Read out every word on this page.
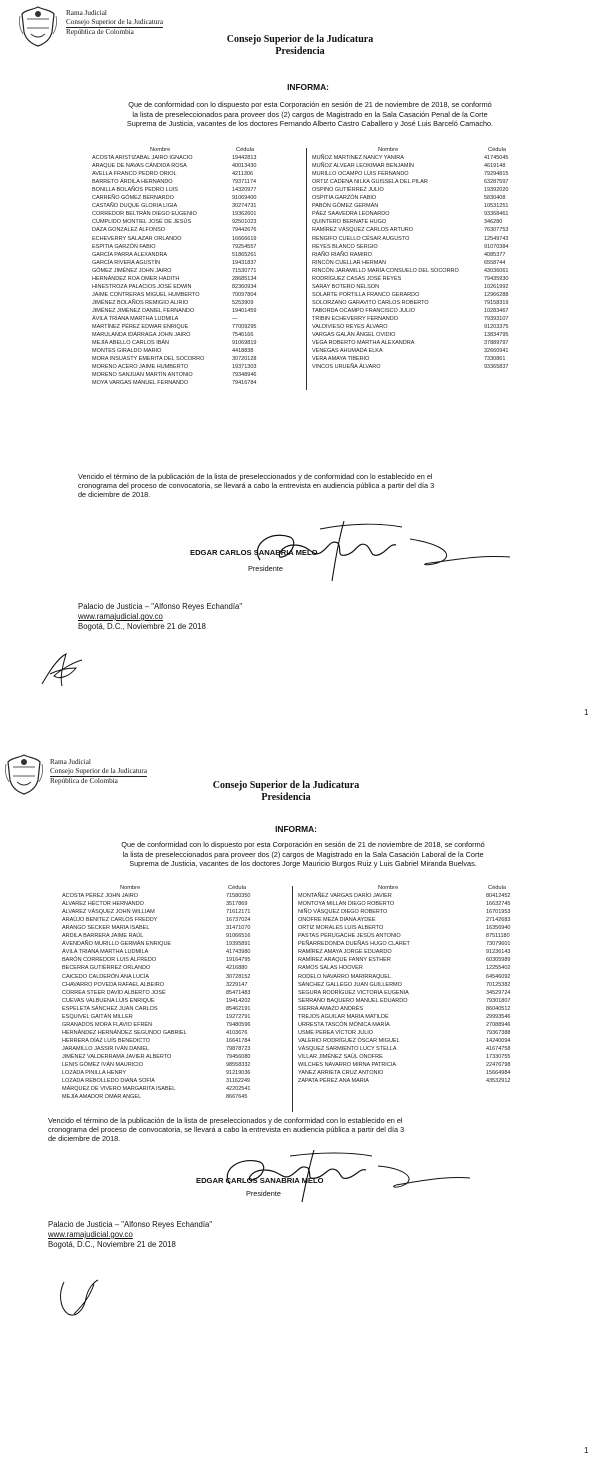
Rama Judicial

Consejo Superior de la Judicatura
República de Colombia
Consejo Superior de la Judicatura
Presidencia
INFORMA:
Que de conformidad con lo dispuesto por esta Corporación en sesión de 21 de noviembre de 2018, se conformó
la lista de preseleccionados para proveer dos (2) cargos de Magistrado en la Sala Casación Penal de la Corte
Suprema de Justicia, vacantes de los doctores Fernando Alberto Castro Caballero y José Luis Barceló Camacho.
Nombre	Cédula
ACOSTA ARISTIZABAL JAIRO IGNACIO	19442813
ARAQUE DE NAVAS CÁNDIDA ROSA	40013430
AVELLA FRANCO PEDRO ORIOL	4211306
BARRETO ÁRDILA HERNANDO	79371174
BONILLA BOLAÑOS PEDRO LUIS	14320977
CARREÑO GÓMEZ BERNARDO	91069400
CASTAÑO DUQUE GLORIA LIGIA	30274731
CORREDOR BELTRÁN DIEGO EUGENIO	19362601
CUMPLIDO MONTIEL JOSÉ DE JESÚS	92501023
DAZA GONZALEZ ALFONSO	79442676
ECHEVERRY SALAZAR ORLANDO	16666619
ESPITIA GARZÓN FABIO	79254557
GARCÍA PARRA ALEXANDRA	51865261
GARCÍA RIVERA AGUSTÍN	19431837
GÓMEZ JIMÉNEZ JOHN JAIRO	71530771
HERNÁNDEZ ROA OMER HADITH	28685134
HINESTROZA PALACIOS JOSÉ EDWIN	82360934
JAIME CONTRERAS MIGUEL HUMBERTO	70097804
JIMÉNEZ BOLAÑOS REMIGIO ALIRIO	5253909
JIMÉNEZ JIMÉNEZ DANIEL FERNANDO	19401459
ÁVILA TRIANA MARTHA LUDMILA	—
MARTÍNEZ PÉREZ EDWAR ENRIQUE	77009295
MARULANDA IDÁRRAGA JOHN JAIRO	7546166
MEJÍA ABELLO CARLOS IBÁN	91069819
MONTES GIRALDO MARIO	4418838
MORA INSUASTY EMERITA DEL SOCORRO	30720128
MORENO ACERO JAIME HUMBERTO	19371303
MORENO SANJUAN MARTÍN ANTONIO	79348946
MOYA VARGAS MANUEL FERNANDO	79416784
Nombre	Cédula
MUÑOZ MARTINEZ NANCY YANIRA	41745045
MUÑOZ ALVEAR LEOKIMAR BENJAMÍN	4619148
MURILLO OCAMPO LUIS FERNANDO	79294815
ORTIZ CADENA NILKA GUISSELA DEL PILAR	63287597
OSPINO GUTIÉRREZ JULIO	19392020
OSPITIA GARZÓN FABIO	5830408
PABÓN GÓMEZ GERMÁN	10531251
PÁEZ SAAVEDRA LEONARDO	93368461
QUINTERO BERNATE HUGO	346280
RAMÍREZ VÁSQUEZ CARLOS ARTURO	76307753
RENGIFO CUELLO CÉSAR AUGUSTO	12549743
REYES BLANCO SERGIO	91070384
RIAÑO RIAÑO RAMIRO	4085377
RINCÓN CUELLAR HERMAN	6558744
RINCÓN JARAMILLO MARÍA CONSUELO DEL SOCORRO	43036061
RODRÍGUEZ CASAS JOSÉ REYES	79435930
SARAY BOTERO NÉLSON	10261992
SOLARTE PORTILLA FRANCO GERARDO	12966288
SOLORZANO GARAVITO CARLOS ROBERTO	79158319
TABORDA OCAMPO FRANCISCO JULIO	10283467
TRIBIN ECHEVERRY FERNANDO	79393107
VALDIVIESO REYES ÁLVARO	91203375
VARGAS GALÁN ÁNGEL OVIDIO	13834795
VEGA ROBERTO MARTHA ALEXANDRA	37889797
VENEGAS AHUMADA ELKA	32660941
VERA AMAYA TIBERIO	7330861
VINCOS URUEÑA ÁLVARO	93365837
Vencido el término de la publicación de la lista de preseleccionados y de conformidad con lo establecido en el
cronograma del proceso de convocatoria, se llevará a cabo la entrevista en audiencia pública a partir del día 3
de diciembre de 2018.
EDGAR CARLOS SANABRIA MELO
Presidente
Palacio de Justicia – "Alfonso Reyes Echandía"
www.ramajudicial.gov.co
Bogotá, D.C., Noviembre 21 de 2018
1
Rama Judicial

Consejo Superior de la Judicatura
República de Colombia	Consejo Superior de la Judicatura
Presidencia
INFORMA:
Que de conformidad con lo dispuesto por esta Corporación en sesión de 21 de noviembre de 2018, se conformó
la lista de preseleccionados para proveer dos (2) cargos de Magistrado en la Sala Casación Laboral de la Corte
Suprema de Justicia, vacantes de los doctores Jorge Mauricio Burgos Ruiz y Luis Gabriel Miranda Buelvas.
Nombre	Cédula
ACOSTA PÉREZ JOHN JAIRO	71580350
ÁLVAREZ HÉCTOR HERNANDO	3517869
ÁLVAREZ VÁSQUEZ JOHN WILLIAM	71612171
ARAÚJO BENITEZ CARLOS FREDDY	16737024
ARANGO SECKER MARIA ISABEL	31471070
ARDILA BARRERA JAIME RAÚL	91066516
ÁVENDAÑO MURILLO GERMÁN ENRIQUE	19395891
ÁVILA TRIANA MARTHA LUDMILA	41743980
BARÓN CORREDOR LUIS ALFREDO	19164795
BECERRA GUTIÉRREZ ORLANDO	4216880
CAICEDO CALDERÓN ANA LUCÍA	30728152
CHAVARRO POVEDA RAFAEL ALBEIRO	3229147
CORREA STEER DAVID ALBERTO JOSÉ	85471483
CUEVAS VALBUENA LUIS ENRIQUE	19414202
ESPELETA SÁNCHEZ JUAN CARLOS	85462191
ESQUIVEL GAITÁN MILLER	19272791
GRANADOS MORA FLAVIO EFRÉN	79480596
HERNÁNDEZ HERNÁNDEZ SEGUNDO GABRIEL	4103676
HERRERA DÍAZ LUÍS BENEDICTO	16641784
JARAMILLO JASSIR IVÁN DANIEL	79878723
JIMÉNEZ VALDERRAMA JAVIER ALBERTO	79456080
LENIS GÓMEZ IVÁN MAURICIO	98558332
LOZADA PINILLA HENRY	91219036
LOZADA REBOLLEDO DIANA SOFÍA	31162249
MÁRQUEZ DE VIVERO MARGARITA ISABEL	42202541
MEJÍA AMADOR OMAR ANGEL	8667645
Nombre	Cédula
MONTAÑEZ VARGAS DARÍO JAVIER	80412452
MONTOYA MILLAN DIEGO ROBERTO	16632745
NIÑO VÁSQUEZ DIEGO ROBERTO	16701953
ONOFRE MEZA DIANA AYDEE	27142683
ORTIZ MORALES LUIS ALBERTO	16356940
PASTAS PERUGACHE JESÚS ANTONIO	87511180
PEÑARREDONDA DUEÑAS HUGO CLARET	73079601
RAMÍREZ AMAYA JORGE EDUARDO	91236143
RAMÍREZ ARAQUE FANNY ESTHER	60305989
RAMOS SALAS HOOVER	12255402
RODELO NAVARRO MARIRRAQUEL	64546092
SÁNCHEZ GALLEGO JUAN GUILLERMO	70125382
SEGURA RODRÍGUEZ VICTORIA EUGENIA	34529724
SERRANO BAQUERO MANUEL EDUARDO	79301807
SIERRA AMAZO ANDRÉS	86040512
TREJOS AGUILAR MARIA MATILDE	29993546
URRESTA TASCÓN MÓNICA MARÍA	27088946
USME PEREA VÍCTOR JULIO	79367388
VALERIO RODRÍGUEZ ÓSCAR MIGUEL	14240094
VÁSQUEZ SARMIENTO LUCY STELLA	41674758
VILLAR JIMÉNEZ SAÚL ONOFRE	17330755
WILCHES NAVARRO MIRNA PATRICIA	22476798
YANEZ ARRIETA CRUZ ANTONIO	15664984
ZAPATA PÉREZ ANA MARIA	43532912
Vencido el término de la publicación de la lista de preseleccionados y de conformidad con lo establecido en el
cronograma del proceso de convocatoria, se llevará a cabo la entrevista en audiencia pública a partir del día 3
de diciembre de 2018.
EDGAR CARLOS SANABRIA MELO
Presidente
Palacio de Justicia – "Alfonso Reyes Echandía"
www.ramajudicial.gov.co
Bogotá, D.C., Noviembre 21 de 2018
1
